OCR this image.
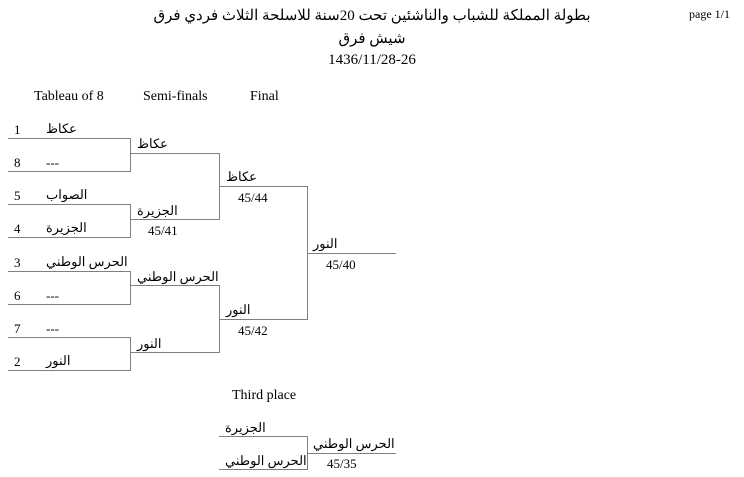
بطولة المملكة للشباب والناشئين تحت 20سنة للاسلحة الثلاث فردي فرق	page 1/1
شيش فرق
1436/11/28-26
Tableau of 8	Semi-finals	Final
1 عكاظ
8 ---
5 الصواب
4 الجزيرة
3 الحرس الوطني
6 ---
7 ---
2 النور
عكاظ
الجزيرة
45/41
الحرس الوطني
النور
عكاظ
45/44
النور
45/42
النور
45/40
Third place
الجزيرة
الحرس الوطني
الحرس الوطني
45/35
